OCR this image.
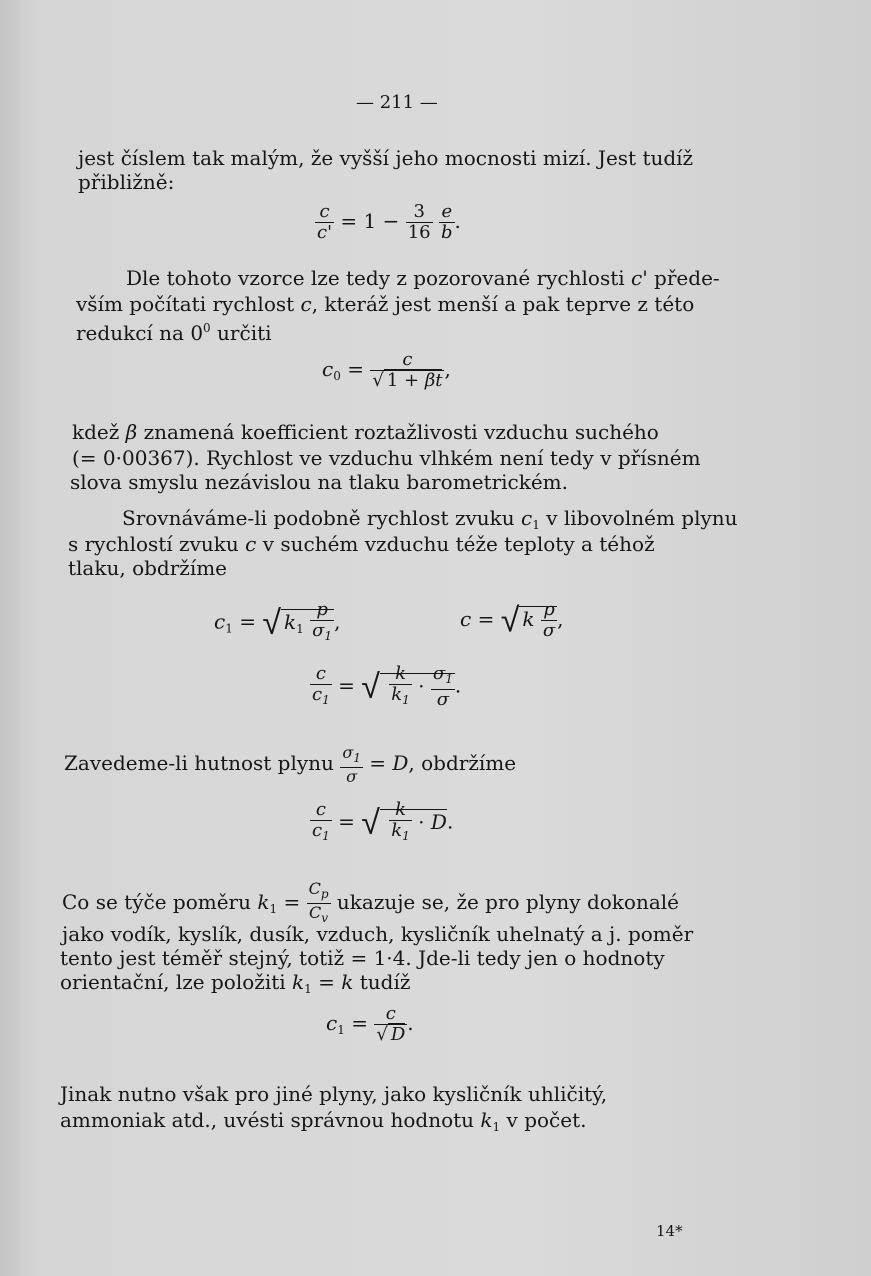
— 211 —
jest číslem tak malým, že vyšší jeho mocnosti mizí. Jest tudíž
přibližně:
$\frac{c}{c'} = 1 - \frac{3}{16}$
$\frac{e}{b}$ .
Dle tohoto vzorce lze tedy z pozorované rychlosti c' přede-
vším počítati rychlost c, kteráž jest menší a pak teprve z této
redukcí na $0^0$ určiti
$c_0 = \frac{c}{√ 1 + \beta t}$ ,
kdež β znamená koefficient roztažlivosti vzduchu suchého
(= 0·00367). Rychlost ve vzduchu vlhkém není tedy v přísném
slova smyslu nezávislou na tlaku barometrickém.
Srovnáváme-li podobně rychlost zvuku $c_1$ v libovolném plynu
s rychlostí zvuku c v suchém vzduchu téže teploty a téhož
tlaku, obdržíme
$c_1$ = √ $k_1 \frac{p}{\sigma_1}$ ,	c = √ k $\frac{p}{\sigma}$ ,
$\frac{c}{c_1}$ = √ $\frac{k}{k_1} \cdot \frac{\sigma_1}{\sigma}$ .
Zavedeme-li hutnost plynu $\frac{\sigma_1}{\sigma} = D$, obdržíme
$\frac{c}{c_1}$ = √ $\frac{k}{k_1} \cdot D$.
Co se týče poměru $k_1 = \frac{C_p}{C_v}$ ukazuje se, že pro plyny dokonalé
jako vodík, kyslík, dusík, vzduch, kysličník uhelnatý a j. poměr
tento jest téměř stejný, totiž = 1·4. Jde-li tedy jen o hodnoty
orientační, lze položiti $k_1 = k$ tudíž
$c_1 = \frac{c}{√ D}$ .
Jinak nutno však pro jiné plyny, jako kysličník uhličitý,
ammoniak atd., uvésti správnou hodnotu $k_1$ v počet.
14*
